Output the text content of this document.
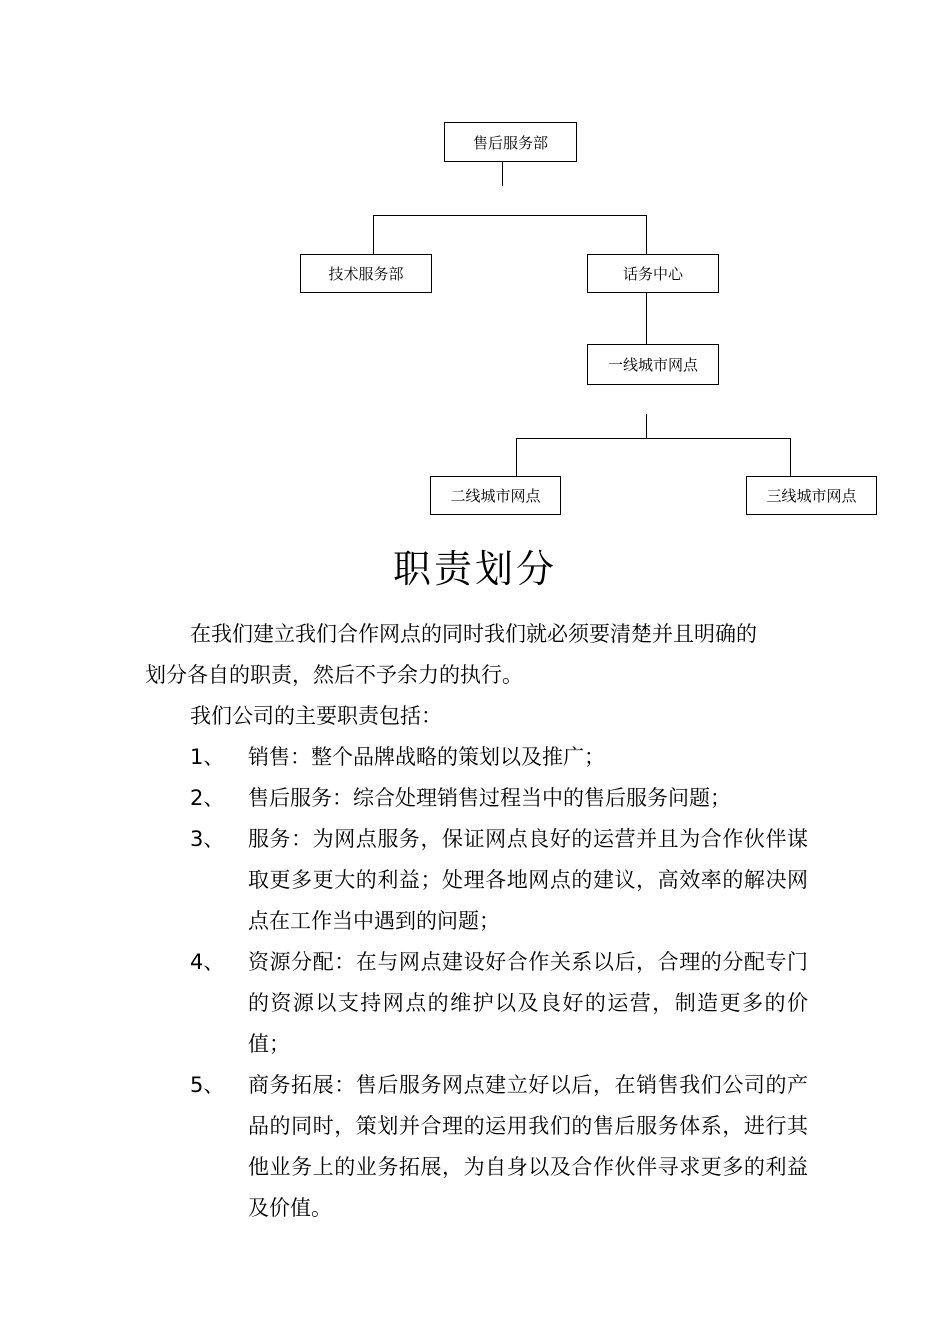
售后服务部
技术服务部	话务中心
一线城市网点
二线城市网点	三线城市网点
职责划分
在我们建立我们合作网点的同时我们就必须要清楚并且明确的
划分各自的职责，然后不予余力的执行。
我们公司的主要职责包括：
1、 销售：整个品牌战略的策划以及推广；
2、 售后服务：综合处理销售过程当中的售后服务问题；
3、 服务：为网点服务，保证网点良好的运营并且为合作伙伴谋取更多更大的利益；处理各地网点的建议，高效率的解决网点在工作当中遇到的问题；
4、 资源分配：在与网点建设好合作关系以后，合理的分配专门的资源以支持网点的维护以及良好的运营，制造更多的价值；
5、 商务拓展：售后服务网点建立好以后，在销售我们公司的产品的同时，策划并合理的运用我们的售后服务体系，进行其他业务上的业务拓展，为自身以及合作伙伴寻求更多的利益及价值。
